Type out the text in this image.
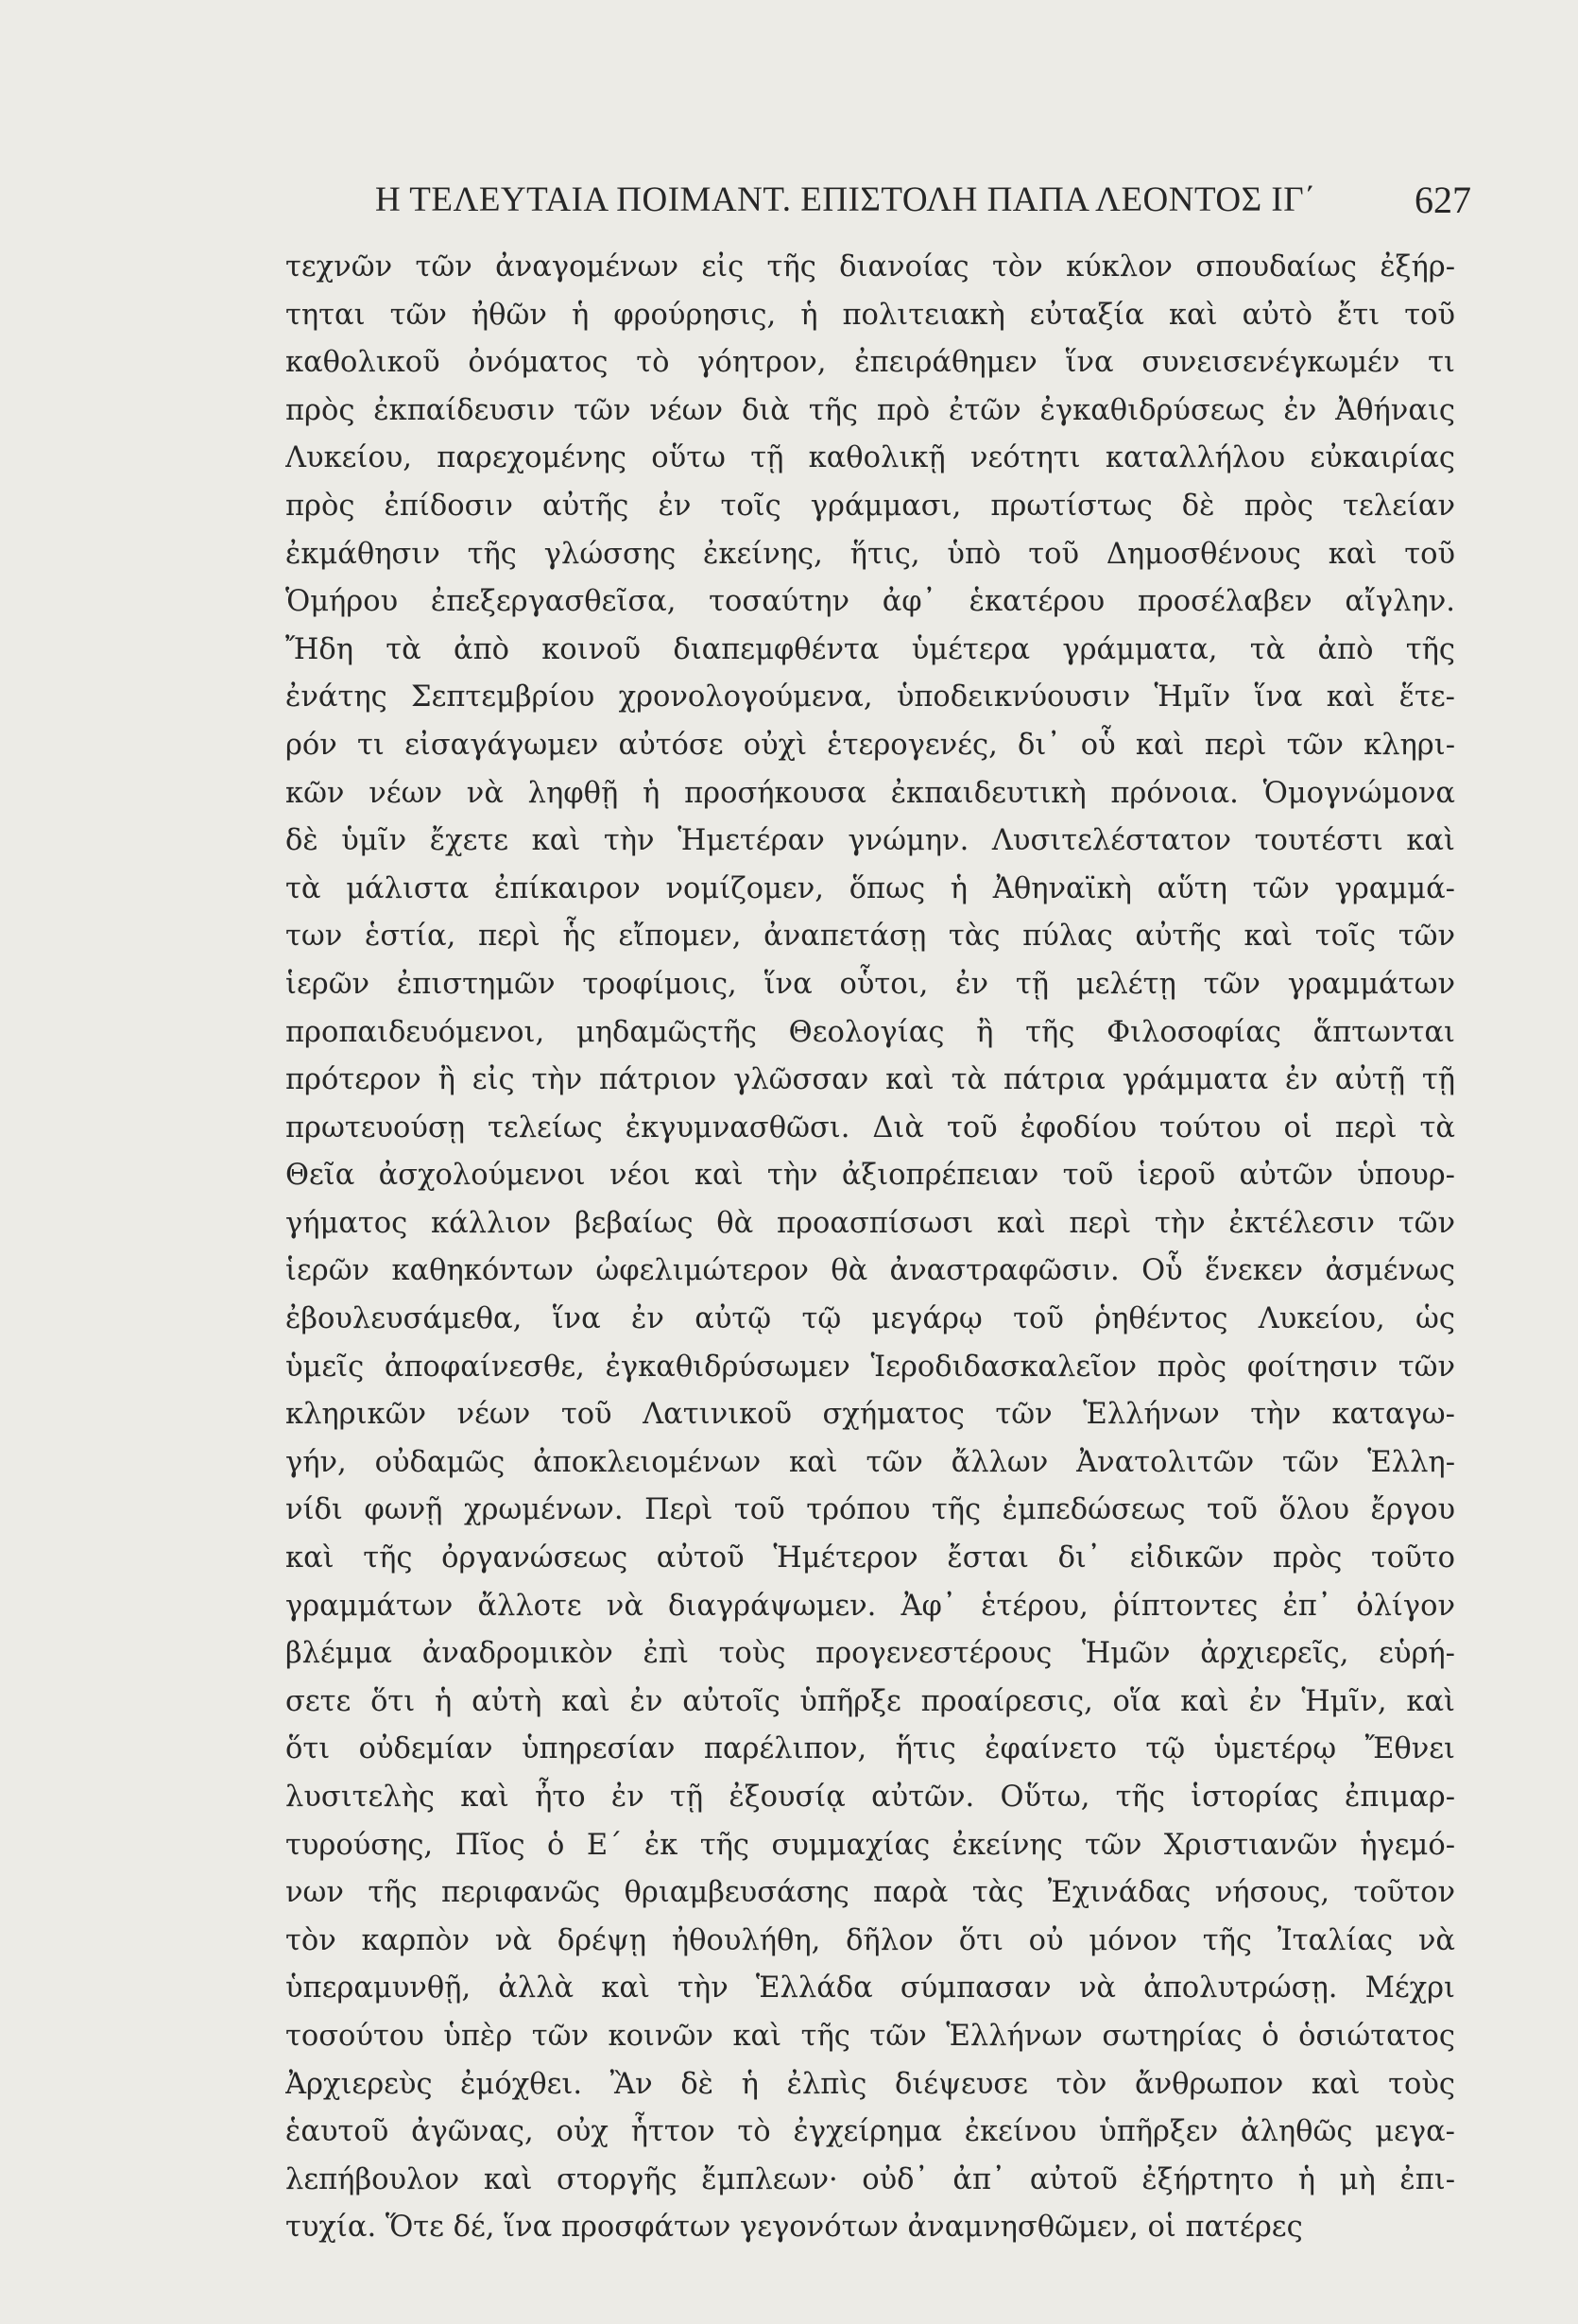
Η ΤΕΛΕΥΤΑΙΑ ΠΟΙΜΑΝΤ. ΕΠΙΣΤΟΛΗ ΠΑΠΑ ΛΕΟΝΤΟΣ ΙΓ΄	627
τεχνῶν τῶν ἀναγομένων εἰς τῆς διανοίας τὸν κύκλον σπουδαίως ἐξήρ-
τηται τῶν ἠθῶν ἡ φρούρησις, ἡ πολιτειακὴ εὐταξία καὶ αὐτὸ ἔτι τοῦ
καθολικοῦ ὀνόματος τὸ γόητρον, ἐπειράθημεν ἵνα συνεισενέγκωμέν τι
πρὸς ἐκπαίδευσιν τῶν νέων διὰ τῆς πρὸ ἐτῶν ἐγκαθιδρύσεως ἐν Ἀθήναις
Λυκείου, παρεχομένης οὕτω τῇ καθολικῇ νεότητι καταλλήλου εὐκαιρίας
πρὸς ἐπίδοσιν αὐτῆς ἐν τοῖς γράμμασι, πρωτίστως δὲ πρὸς τελείαν
ἐκμάθησιν τῆς γλώσσης ἐκείνης, ἥτις, ὑπὸ τοῦ Δημοσθένους καὶ τοῦ
Ὁμήρου ἐπεξεργασθεῖσα, τοσαύτην ἀφ᾽ ἑκατέρου προσέλαβεν αἴγλην.
Ἤδη τὰ ἀπὸ κοινοῦ διαπεμφθέντα ὑμέτερα γράμματα, τὰ ἀπὸ τῆς
ἐνάτης Σεπτεμβρίου χρονολογούμενα, ὑποδεικνύουσιν Ἡμῖν ἵνα καὶ ἕτε-
ρόν τι εἰσαγάγωμεν αὐτόσε οὐχὶ ἑτερογενές, δι᾽ οὗ καὶ περὶ τῶν κληρι-
κῶν νέων νὰ ληφθῇ ἡ προσήκουσα ἐκπαιδευτικὴ πρόνοια. Ὁμογνώμονα
δὲ ὑμῖν ἔχετε καὶ τὴν Ἡμετέραν γνώμην. Λυσιτελέστατον τουτέστι καὶ
τὰ μάλιστα ἐπίκαιρον νομίζομεν, ὅπως ἡ Ἀθηναϊκὴ αὕτη τῶν γραμμά-
των ἑστία, περὶ ἧς εἴπομεν, ἀναπετάσῃ τὰς πύλας αὐτῆς καὶ τοῖς τῶν
ἱερῶν ἐπιστημῶν τροφίμοις, ἵνα οὗτοι, ἐν τῇ μελέτῃ τῶν γραμμάτων
προπαιδευόμενοι, μηδαμῶςτῆς Θεολογίας ἢ τῆς Φιλοσοφίας ἅπτωνται
πρότερον ἢ εἰς τὴν πάτριον γλῶσσαν καὶ τὰ πάτρια γράμματα ἐν αὐτῇ τῇ
πρωτευούσῃ τελείως ἐκγυμνασθῶσι. Διὰ τοῦ ἐφοδίου τούτου οἱ περὶ τὰ
Θεῖα ἀσχολούμενοι νέοι καὶ τὴν ἀξιοπρέπειαν τοῦ ἱεροῦ αὐτῶν ὑπουρ-
γήματος κάλλιον βεβαίως θὰ προασπίσωσι καὶ περὶ τὴν ἐκτέλεσιν τῶν
ἱερῶν καθηκόντων ὠφελιμώτερον θὰ ἀναστραφῶσιν. Οὗ ἕνεκεν ἀσμένως
ἐβουλευσάμεθα, ἵνα ἐν αὐτῷ τῷ μεγάρῳ τοῦ ῥηθέντος Λυκείου, ὡς
ὑμεῖς ἀποφαίνεσθε, ἐγκαθιδρύσωμεν Ἱεροδιδασκαλεῖον πρὸς φοίτησιν τῶν
κληρικῶν νέων τοῦ Λατινικοῦ σχήματος τῶν Ἑλλήνων τὴν καταγω-
γήν, οὐδαμῶς ἀποκλειομένων καὶ τῶν ἄλλων Ἀνατολιτῶν τῶν Ἑλλη-
νίδι φωνῇ χρωμένων. Περὶ τοῦ τρόπου τῆς ἐμπεδώσεως τοῦ ὅλου ἔργου
καὶ τῆς ὀργανώσεως αὐτοῦ Ἡμέτερον ἔσται δι᾽ εἰδικῶν πρὸς τοῦτο
γραμμάτων ἄλλοτε νὰ διαγράψωμεν. Ἀφ᾽ ἑτέρου, ῥίπτοντες ἐπ᾽ ὀλίγον
βλέμμα ἀναδρομικὸν ἐπὶ τοὺς προγενεστέρους Ἡμῶν ἀρχιερεῖς, εὑρή-
σετε ὅτι ἡ αὐτὴ καὶ ἐν αὐτοῖς ὑπῆρξε προαίρεσις, οἵα καὶ ἐν Ἡμῖν, καὶ
ὅτι οὐδεμίαν ὑπηρεσίαν παρέλιπον, ἥτις ἐφαίνετο τῷ ὑμετέρῳ Ἔθνει
λυσιτελὴς καὶ ἦτο ἐν τῇ ἐξουσίᾳ αὐτῶν. Οὕτω, τῆς ἱστορίας ἐπιμαρ-
τυρούσης, Πῖος ὁ Ε΄ ἐκ τῆς συμμαχίας ἐκείνης τῶν Χριστιανῶν ἡγεμό-
νων τῆς περιφανῶς θριαμβευσάσης παρὰ τὰς Ἐχινάδας νήσους, τοῦτον
τὸν καρπὸν νὰ δρέψῃ ἠθουλήθη, δῆλον ὅτι οὐ μόνον τῆς Ἰταλίας νὰ
ὑπεραμυνθῇ, ἀλλὰ καὶ τὴν Ἑλλάδα σύμπασαν νὰ ἀπολυτρώσῃ. Μέχρι
τοσούτου ὑπὲρ τῶν κοινῶν καὶ τῆς τῶν Ἑλλήνων σωτηρίας ὁ ὁσιώτατος
Ἀρχιερεὺς ἐμόχθει. Ἂν δὲ ἡ ἐλπὶς διέψευσε τὸν ἄνθρωπον καὶ τοὺς
ἑαυτοῦ ἀγῶνας, οὐχ ἧττον τὸ ἐγχείρημα ἐκείνου ὑπῆρξεν ἀληθῶς μεγα-
λεπήβουλον καὶ στοργῆς ἔμπλεων· οὐδ᾽ ἀπ᾽ αὐτοῦ ἐξήρτητο ἡ μὴ ἐπι-
τυχία. Ὅτε δέ, ἵνα προσφάτων γεγονότων ἀναμνησθῶμεν, οἱ πατέρες
